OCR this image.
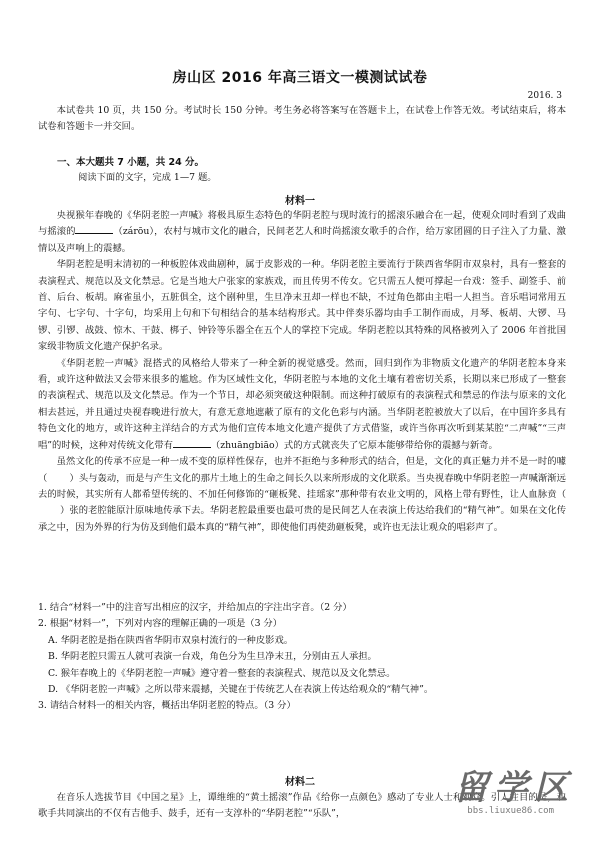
房山区 2016 年高三语文一模测试试卷
2016. 3

本试卷共 10 页，共 150 分。考试时长 150 分钟。考生务必将答案写在答题卡上，在试卷上作答无效。考试结束后，将本试卷和答题卡一并交回。

一、本大题共 7 小题，共 24 分。

阅读下面的文字，完成 1—7 题。

材料一

央视猴年春晚的《华阴老腔一声喊》将极具原生态特色的华阴老腔与现时流行的摇滚乐融合在一起，使观众同时看到了戏曲与摇滚的	（zárōu），农村与城市文化的融合，民间老艺人和时尚摇滚女歌手的合作，给万家团圆的日子注入了力量、激情以及声响上的震撼。

华阴老腔是明末清初的一种板腔体戏曲剧种，属于皮影戏的一种。华阴老腔主要流行于陕西省华阴市双泉村，具有一整套的表演程式、规范以及文化禁忌。它是当地大户张家的家族戏，而且传男不传女。它只需五人便可撑起一台戏：签手、副签手、前首、后台、板胡。麻雀虽小，五脏俱全，这个剧种里，生旦净末丑却一样也不缺，不过角色都由主唱一人担当。音乐唱词常用五字句、七字句、十字句，均采用上句和下句相结合的基本结构形式。其中伴奏乐器均由手工制作而成，月琴、板胡、大锣、马锣、引锣、战鼓、惊木、干鼓、梆子、钟铃等乐器全在五个人的掌控下完成。华阴老腔以其特殊的风格被列入了 2006 年首批国家级非物质文化遗产保护名录。

《华阴老腔一声喊》混搭式的风格给人带来了一种全新的视觉感受。然而，回归到作为非物质文化遗产的华阴老腔本身来看，或许这种做法又会带来很多的尴尬。作为区域性文化，华阴老腔与本地的文化土壤有着密切关系，长期以来已形成了一整套的表演程式、规范以及文化禁忌。作为一个节日，却必须突破这种限制。而这种打破原有的表演程式和禁忌的作法与原来的文化相去甚远，并且通过央视春晚进行放大，有意无意地遮蔽了原有的文化色彩与内涵。当华阴老腔被放大了以后，在中国许多具有特色文化的地方，或许这种主洋结合的方式为他们宣传本地文化遗产提供了方式借鉴，或许当你再次听到某某腔“二声喊”“三声唱”的时候，这种对传统文化带有	（zhuāngbiāo）式的方式就丧失了它原本能够带给你的震撼与新奇。

虽然文化的传承不应是一种一成不变的原样性保存，也并不拒绝与多种形式的结合，但是，文化的真正魅力并不是一时的噱（ ）头与轰动，而是与产生文化的那片土地上的生命之间长久以来所形成的文化联系。当央视春晚中华阴老腔一声喊渐渐远去的时候，其实所有人都希望传统的、不加任何修饰的“砸板凳、挂瑶家”那种带有农业文明的，风格上带有野性，让人血脉贲（）张的老腔能原汁原味地传承下去。华阴老腔最重要也最可贵的是民间艺人在表演上传达给我们的“精气神”。如果在文化传承之中，因为外界的行为仿及到他们最本真的“精气神”，即使他们再使劲砸板凳，或许也无法让观众的唱彩声了。

1. 结合“材料一”中的注音写出相应的汉字，并给加点的字注出字音。（2 分）

2. 根据“材料一”，下列对内容的理解正确的一项是（3 分）

A. 华阴老腔是指在陕西省华阴市双泉村流行的一种皮影戏。

B. 华阴老腔只需五人就可表演一台戏，角色分为生旦净末丑，分别由五人承担。

C. 猴年春晚上的《华阴老腔一声喊》遵守着一整套的表演程式、规范以及文化禁忌。

D. 《华阴老腔一声喊》之所以带来震撼，关键在于传统艺人在表演上传达给观众的“精气神”。

3. 请结合材料一的相关内容，概括出华阴老腔的特点。（3 分）

材料二

在音乐人选拔节目《中国之星》上，谭维维的“黄土摇滚”作品《给你一点颜色》感动了专业人士和观众。引人注目的是，和歌手共同演出的不仅有吉他手、鼓手，还有一支淳朴的“华阴老腔”“乐队”，

留学区
bbs.liuxue86.com
